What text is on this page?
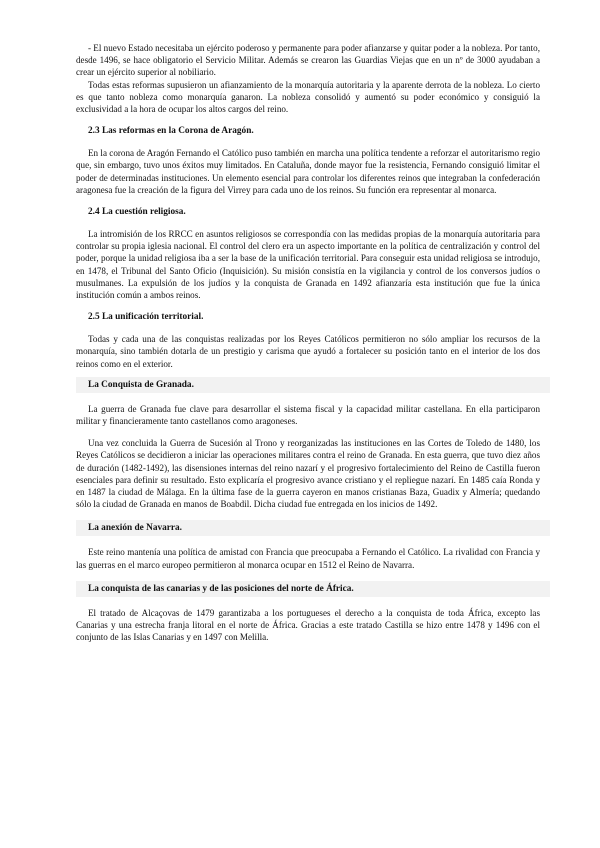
- El nuevo Estado necesitaba un ejército poderoso y permanente para poder afianzarse y quitar poder a la nobleza. Por tanto, desde 1496, se hace obligatorio el Servicio Militar. Además se crearon las Guardias Viejas que en un nº de 3000 ayudaban a crear un ejército superior al nobiliario.

Todas estas reformas supusieron un afianzamiento de la monarquía autoritaria y la aparente derrota de la nobleza. Lo cierto es que tanto nobleza como monarquía ganaron. La nobleza consolidó y aumentó su poder económico y consiguió la exclusividad a la hora de ocupar los altos cargos del reino.

2.3 Las reformas en la Corona de Aragón.

En la corona de Aragón Fernando el Católico puso también en marcha una política tendente a reforzar el autoritarismo regio que, sin embargo, tuvo unos éxitos muy limitados. En Cataluña, donde mayor fue la resistencia, Fernando consiguió limitar el poder de determinadas instituciones. Un elemento esencial para controlar los diferentes reinos que integraban la confederación aragonesa fue la creación de la figura del Virrey para cada uno de los reinos. Su función era representar al monarca.

2.4 La cuestión religiosa.

La intromisión de los RRCC en asuntos religiosos se correspondía con las medidas propias de la monarquía autoritaria para controlar su propia iglesia nacional. El control del clero era un aspecto importante en la política de centralización y control del poder, porque la unidad religiosa iba a ser la base de la unificación territorial. Para conseguir esta unidad religiosa se introdujo, en 1478, el Tribunal del Santo Oficio (Inquisición). Su misión consistía en la vigilancia y control de los conversos judíos o musulmanes. La expulsión de los judíos y la conquista de Granada en 1492 afianzaría esta institución que fue la única institución común a ambos reinos.

2.5 La unificación territorial.

Todas y cada una de las conquistas realizadas por los Reyes Católicos permitieron no sólo ampliar los recursos de la monarquía, sino también dotarla de un prestigio y carisma que ayudó a fortalecer su posición tanto en el interior de los dos reinos como en el exterior.

La Conquista de Granada.

La guerra de Granada fue clave para desarrollar el sistema fiscal y la capacidad militar castellana. En ella participaron militar y financieramente tanto castellanos como aragoneses.

Una vez concluida la Guerra de Sucesión al Trono y reorganizadas las instituciones en las Cortes de Toledo de 1480, los Reyes Católicos se decidieron a iniciar las operaciones militares contra el reino de Granada. En esta guerra, que tuvo diez años de duración (1482-1492), las disensiones internas del reino nazarí y el progresivo fortalecimiento del Reino de Castilla fueron esenciales para definir su resultado. Esto explicaría el progresivo avance cristiano y el repliegue nazarí. En 1485 caía Ronda y en 1487 la ciudad de Málaga. En la última fase de la guerra cayeron en manos cristianas Baza, Guadix y Almería; quedando sólo la ciudad de Granada en manos de Boabdil. Dicha ciudad fue entregada en los inicios de 1492.

La anexión de Navarra.

Este reino mantenía una política de amistad con Francia que preocupaba a Fernando el Católico. La rivalidad con Francia y las guerras en el marco europeo permitieron al monarca ocupar en 1512 el Reino de Navarra.

La conquista de las canarias y de las posiciones del norte de África.

El tratado de Alcaçovas de 1479 garantizaba a los portugueses el derecho a la conquista de toda África, excepto las Canarias y una estrecha franja litoral en el norte de África. Gracias a este tratado Castilla se hizo entre 1478 y 1496 con el conjunto de las Islas Canarias y en 1497 con Melilla.
